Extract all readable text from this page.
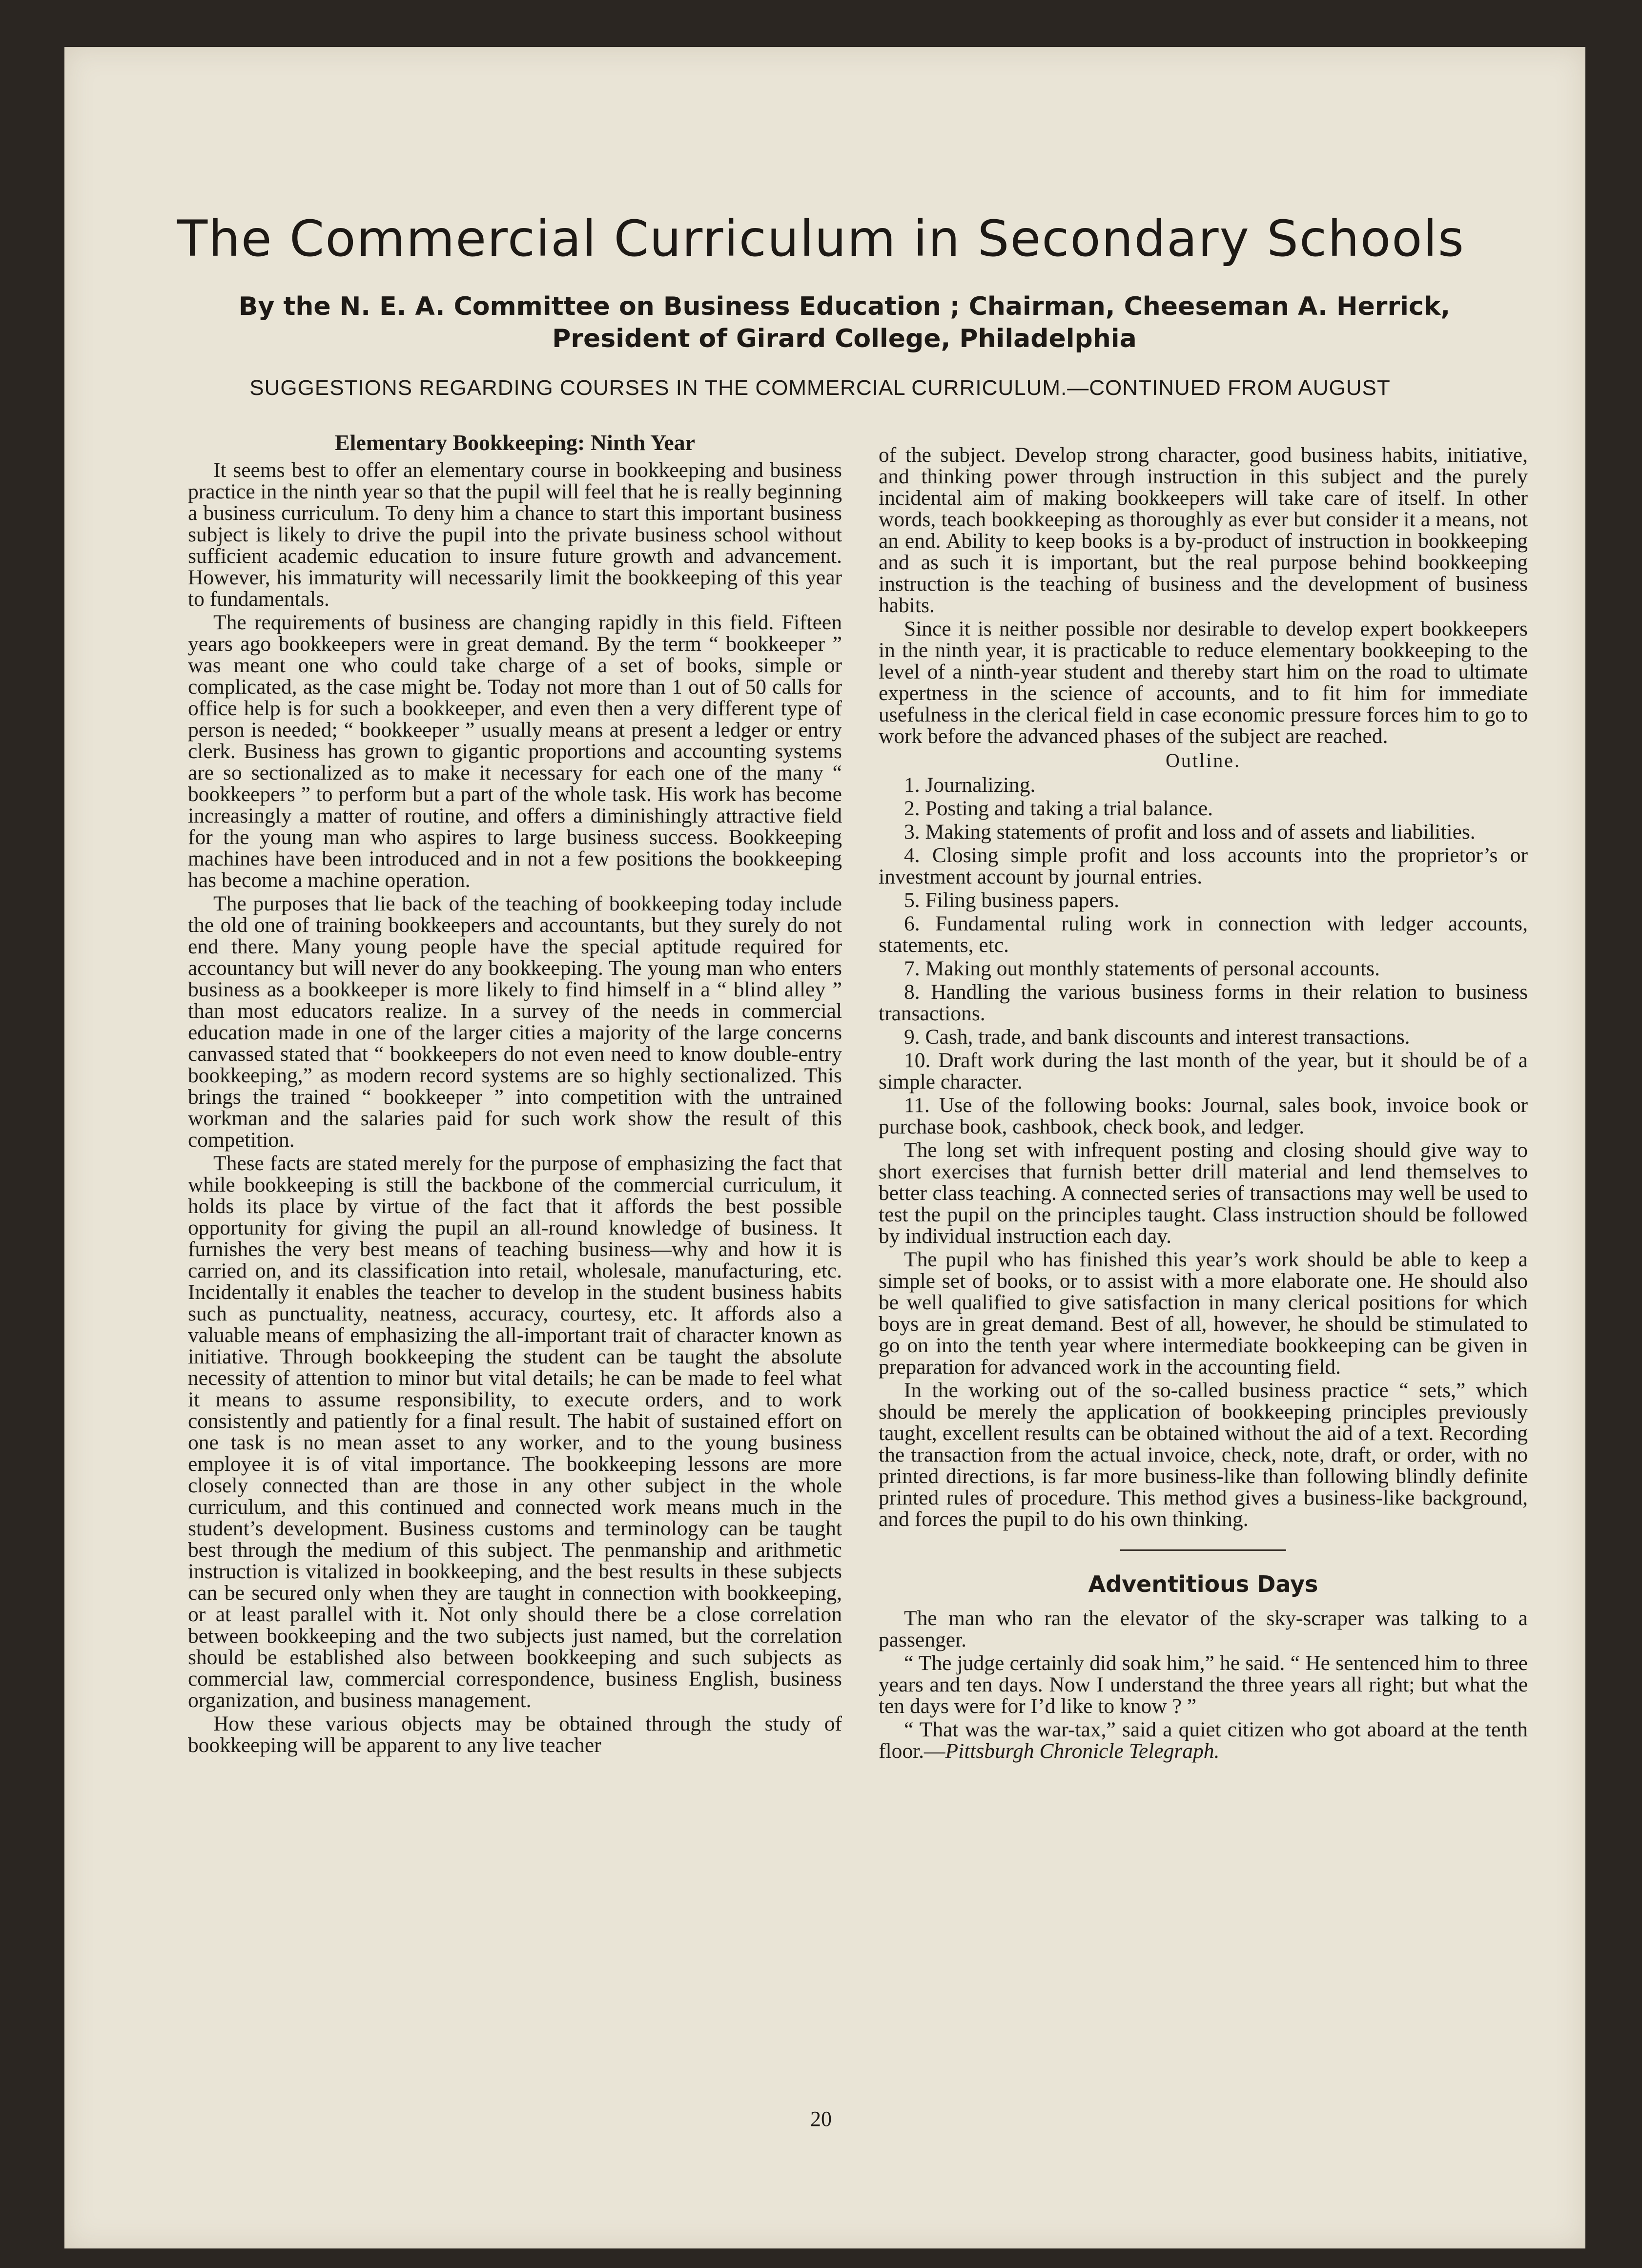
The Commercial Curriculum in Secondary Schools
By the N. E. A. Committee on Business Education ; Chairman, Cheeseman A. Herrick, President of Girard College, Philadelphia
SUGGESTIONS REGARDING COURSES IN THE COMMERCIAL CURRICULUM.—CONTINUED FROM AUGUST
Elementary Bookkeeping: Ninth Year

It seems best to offer an elementary course in bookkeeping and business practice in the ninth year so that the pupil will feel that he is really beginning a business curriculum. To deny him a chance to start this important business subject is likely to drive the pupil into the private business school without sufficient academic education to insure future growth and advancement. However, his immaturity will necessarily limit the bookkeeping of this year to fundamentals.

The requirements of business are changing rapidly in this field. Fifteen years ago bookkeepers were in great demand. By the term “ bookkeeper ” was meant one who could take charge of a set of books, simple or complicated, as the case might be. Today not more than 1 out of 50 calls for office help is for such a bookkeeper, and even then a very different type of person is needed; “ bookkeeper ” usually means at present a ledger or entry clerk. Business has grown to gigantic proportions and accounting systems are so sectionalized as to make it necessary for each one of the many “ bookkeepers ” to perform but a part of the whole task. His work has become increasingly a matter of routine, and offers a diminishingly attractive field for the young man who aspires to large business success. Bookkeeping machines have been introduced and in not a few positions the bookkeeping has become a machine operation.

The purposes that lie back of the teaching of bookkeeping today include the old one of training bookkeepers and accountants, but they surely do not end there. Many young people have the special aptitude required for accountancy but will never do any bookkeeping. The young man who enters business as a bookkeeper is more likely to find himself in a “ blind alley ” than most educators realize. In a survey of the needs in commercial education made in one of the larger cities a majority of the large concerns canvassed stated that “ bookkeepers do not even need to know double-entry bookkeeping,” as modern record systems are so highly sectionalized. This brings the trained “ bookkeeper ” into competition with the untrained workman and the salaries paid for such work show the result of this competition.

These facts are stated merely for the purpose of emphasizing the fact that while bookkeeping is still the backbone of the commercial curriculum, it holds its place by virtue of the fact that it affords the best possible opportunity for giving the pupil an all-round knowledge of business. It furnishes the very best means of teaching business—why and how it is carried on, and its classification into retail, wholesale, manufacturing, etc. Incidentally it enables the teacher to develop in the student business habits such as punctuality, neatness, accuracy, courtesy, etc. It affords also a valuable means of emphasizing the all-important trait of character known as initiative. Through bookkeeping the student can be taught the absolute necessity of attention to minor but vital details; he can be made to feel what it means to assume responsibility, to execute orders, and to work consistently and patiently for a final result. The habit of sustained effort on one task is no mean asset to any worker, and to the young business employee it is of vital importance. The bookkeeping lessons are more closely connected than are those in any other subject in the whole curriculum, and this continued and connected work means much in the student’s development. Business customs and terminology can be taught best through the medium of this subject. The penmanship and arithmetic instruction is vitalized in bookkeeping, and the best results in these subjects can be secured only when they are taught in connection with bookkeeping, or at least parallel with it. Not only should there be a close correlation between bookkeeping and the two subjects just named, but the correlation should be established also between bookkeeping and such subjects as commercial law, commercial correspondence, business English, business organization, and business management.

How these various objects may be obtained through the study of bookkeeping will be apparent to any live teacher

of the subject. Develop strong character, good business habits, initiative, and thinking power through instruction in this subject and the purely incidental aim of making bookkeepers will take care of itself. In other words, teach bookkeeping as thoroughly as ever but consider it a means, not an end. Ability to keep books is a by-product of instruction in bookkeeping and as such it is important, but the real purpose behind bookkeeping instruction is the teaching of business and the development of business habits.

Since it is neither possible nor desirable to develop expert bookkeepers in the ninth year, it is practicable to reduce elementary bookkeeping to the level of a ninth-year student and thereby start him on the road to ultimate expertness in the science of accounts, and to fit him for immediate usefulness in the clerical field in case economic pressure forces him to go to work before the advanced phases of the subject are reached.

Outline.

1. Journalizing.

2. Posting and taking a trial balance.

3. Making statements of profit and loss and of assets and liabilities.

4. Closing simple profit and loss accounts into the proprietor’s or investment account by journal entries.

5. Filing business papers.

6. Fundamental ruling work in connection with ledger accounts, statements, etc.

7. Making out monthly statements of personal accounts.

8. Handling the various business forms in their relation to business transactions.

9. Cash, trade, and bank discounts and interest transactions.

10. Draft work during the last month of the year, but it should be of a simple character.

11. Use of the following books: Journal, sales book, invoice book or purchase book, cashbook, check book, and ledger.

The long set with infrequent posting and closing should give way to short exercises that furnish better drill material and lend themselves to better class teaching. A connected series of transactions may well be used to test the pupil on the principles taught. Class instruction should be followed by individual instruction each day.

The pupil who has finished this year’s work should be able to keep a simple set of books, or to assist with a more elaborate one. He should also be well qualified to give satisfaction in many clerical positions for which boys are in great demand. Best of all, however, he should be stimulated to go on into the tenth year where intermediate bookkeeping can be given in preparation for advanced work in the accounting field.

In the working out of the so-called business practice “ sets,” which should be merely the application of bookkeeping principles previously taught, excellent results can be obtained without the aid of a text. Recording the transaction from the actual invoice, check, note, draft, or order, with no printed directions, is far more business-like than following blindly definite printed rules of procedure. This method gives a business-like background, and forces the pupil to do his own thinking.

Adventitious Days

The man who ran the elevator of the sky-scraper was talking to a passenger.

“ The judge certainly did soak him,” he said. “ He sentenced him to three years and ten days. Now I understand the three years all right; but what the ten days were for I’d like to know ? ”

“ That was the war-tax,” said a quiet citizen who got aboard at the tenth floor.—Pittsburgh Chronicle Telegraph.

20
